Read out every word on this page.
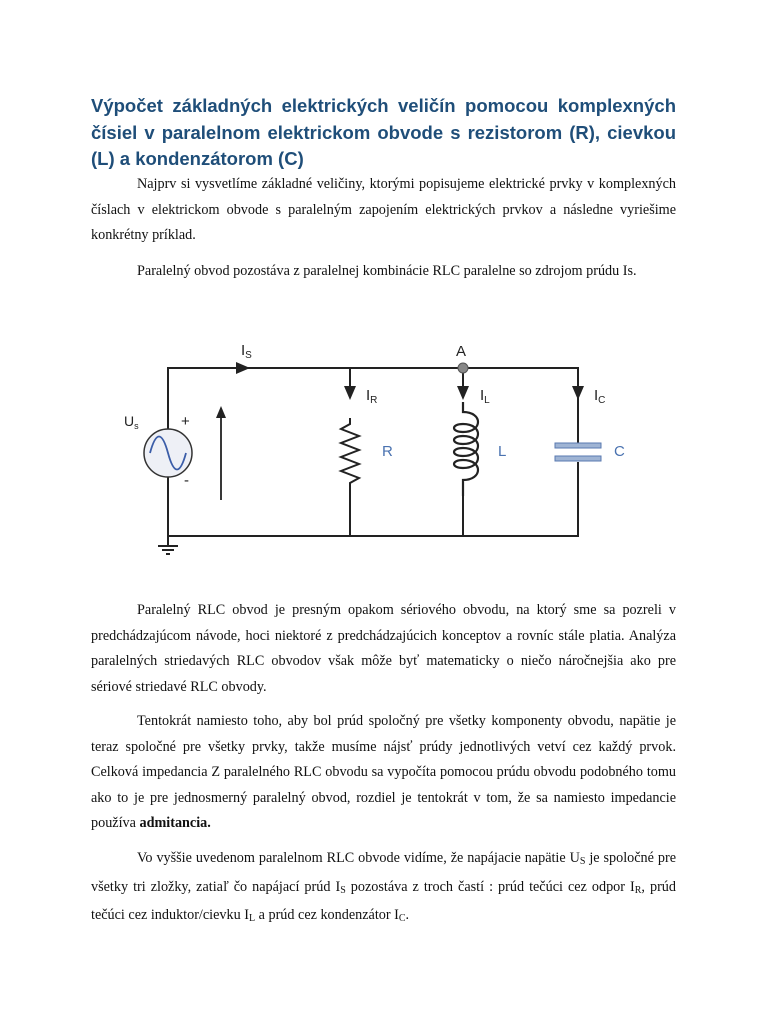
Výpočet základných elektrických veličín pomocou komplexných čísiel v paralelnom elektrickom obvode s rezistorom (R), cievkou (L) a kondenzátorom (C)

Najprv si vysvetlíme základné veličiny, ktorými popisujeme elektrické prvky v komplexných číslach v elektrickom obvode s paralelným zapojením elektrických prvkov a následne vyriešime konkrétny príklad.

Paralelný obvod pozostáva z paralelnej kombinácie RLC paralelne so zdrojom prúdu Is.

$U_s$	+
-
$I_S$	A
$I_R$	$I_L$	$I_C$
R	L	C

Paralelný RLC obvod je presným opakom sériového obvodu, na ktorý sme sa pozreli v predchádzajúcom návode, hoci niektoré z predchádzajúcich konceptov a rovníc stále platia. Analýza paralelných striedavých RLC obvodov však môže byť matematicky o niečo náročnejšia ako pre sériové striedavé RLC obvody.

Tentokrát namiesto toho, aby bol prúd spoločný pre všetky komponenty obvodu, napätie je teraz spoločné pre všetky prvky, takže musíme nájsť prúdy jednotlivých vetví cez každý prvok. Celková impedancia Z paralelného RLC obvodu sa vypočíta pomocou prúdu obvodu podobného tomu ako to je pre jednosmerný paralelný obvod, rozdiel je tentokrát v tom, že sa namiesto impedancie používa admitancia.

Vo vyššie uvedenom paralelnom RLC obvode vidíme, že napájacie napätie $U_S$ je spoločné pre všetky tri zložky, zatiaľ čo napájací prúd $I_S$ pozostáva z troch častí : prúd tečúci cez odpor $I_R$, prúd tečúci cez induktor/cievku $I_L$ a prúd cez kondenzátor $I_C$.
